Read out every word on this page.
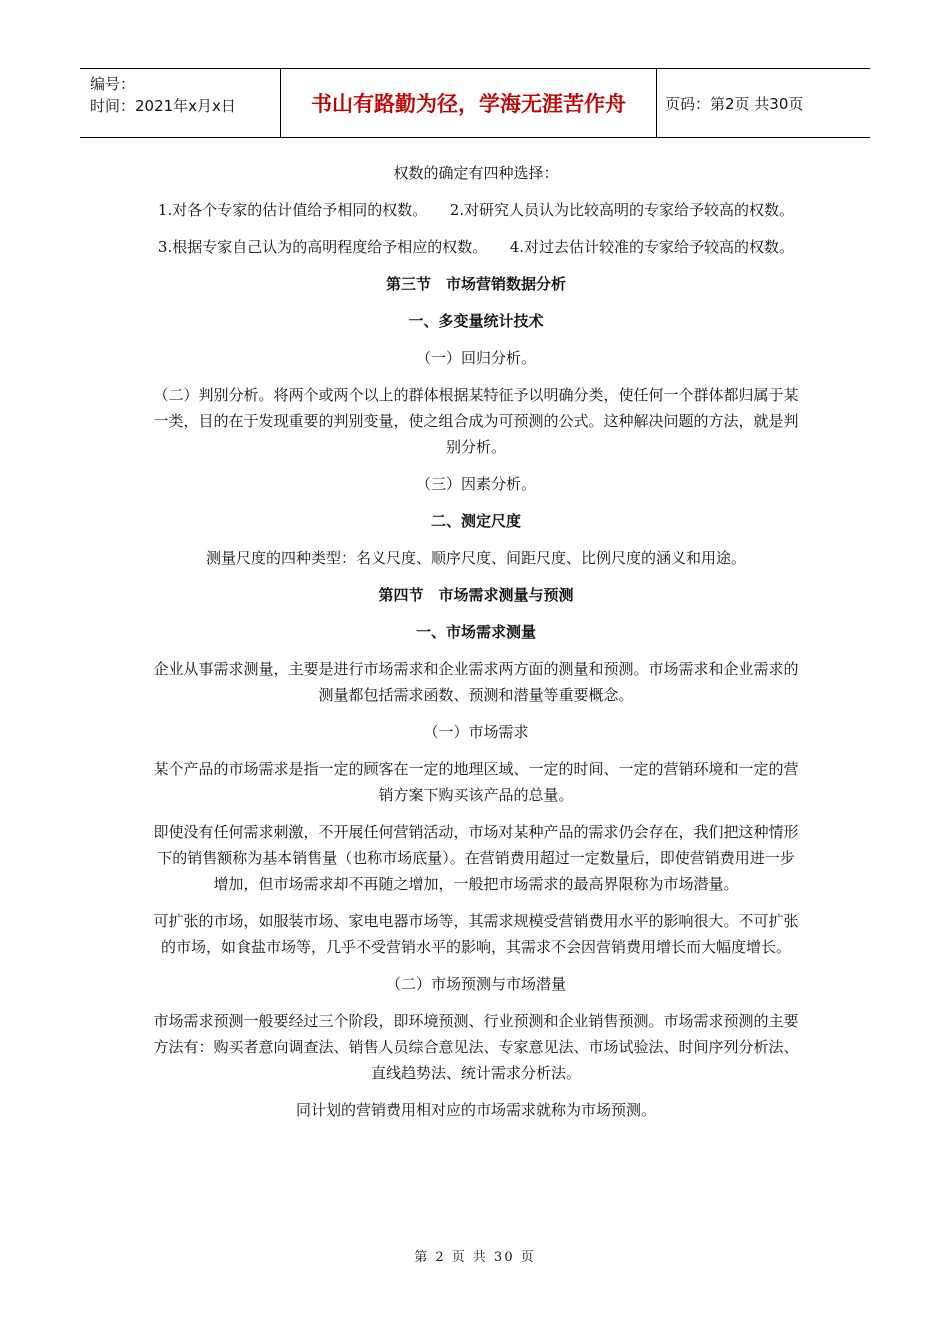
编号：
时间：2021年x月x日	书山有路勤为径，学海无涯苦作舟	页码：第2页 共30页

权数的确定有四种选择：

1.对各个专家的估计值给予相同的权数。　　2.对研究人员认为比较高明的专家给予较高的权数。

3.根据专家自己认为的高明程度给予相应的权数。　　4.对过去估计较准的专家给予较高的权数。

第三节　市场营销数据分析

一、多变量统计技术

（一）回归分析。

（二）判别分析。将两个或两个以上的群体根据某特征予以明确分类，使任何一个群体都归属于某一类，目的在于发现重要的判别变量，使之组合成为可预测的公式。这种解决问题的方法，就是判别分析。

（三）因素分析。

二、测定尺度

测量尺度的四种类型：名义尺度、顺序尺度、间距尺度、比例尺度的涵义和用途。

第四节　市场需求测量与预测

一、市场需求测量

企业从事需求测量，主要是进行市场需求和企业需求两方面的测量和预测。市场需求和企业需求的测量都包括需求函数、预测和潜量等重要概念。

（一）市场需求

某个产品的市场需求是指一定的顾客在一定的地理区域、一定的时间、一定的营销环境和一定的营销方案下购买该产品的总量。

即使没有任何需求刺激，不开展任何营销活动，市场对某种产品的需求仍会存在，我们把这种情形下的销售额称为基本销售量（也称市场底量）。在营销费用超过一定数量后，即使营销费用进一步增加，但市场需求却不再随之增加，一般把市场需求的最高界限称为市场潜量。

可扩张的市场，如服装市场、家电电器市场等，其需求规模受营销费用水平的影响很大。不可扩张的市场，如食盐市场等，几乎不受营销水平的影响，其需求不会因营销费用增长而大幅度增长。

（二）市场预测与市场潜量

市场需求预测一般要经过三个阶段，即环境预测、行业预测和企业销售预测。市场需求预测的主要方法有：购买者意向调查法、销售人员综合意见法、专家意见法、市场试验法、时间序列分析法、直线趋势法、统计需求分析法。

同计划的营销费用相对应的市场需求就称为市场预测。

第 2 页 共 30 页
